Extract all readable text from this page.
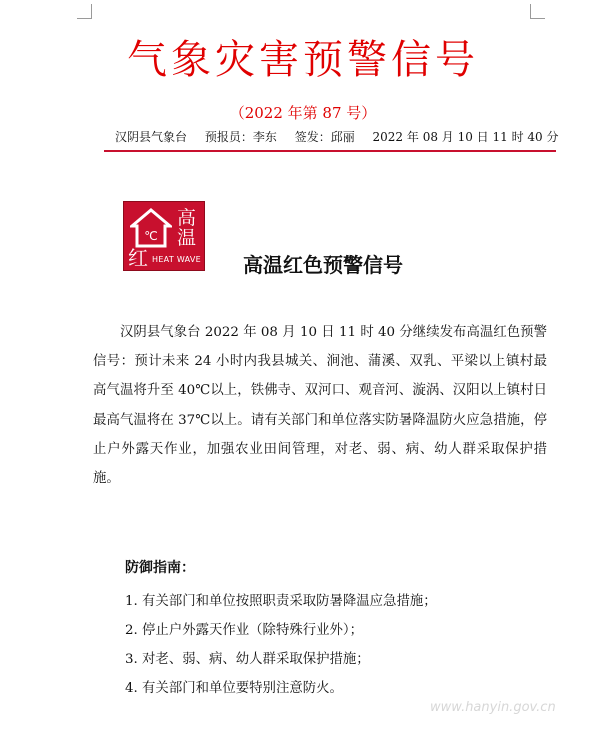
气象灾害预警信号
（2022 年第 87 号）
汉阴县气象台 预报员：李东 签发：邱丽 2022 年 08 月 10 日 11 时 40 分
℃
高
温
红 HEAT WAVE 高温红色预警信号
汉阴县气象台 2022 年 08 月 10 日 11 时 40 分继续发布高温红色预警信号：预计未来 24 小时内我县城关、涧池、蒲溪、双乳、平梁以上镇村最高气温将升至 40℃以上，铁佛寺、双河口、观音河、漩涡、汉阳以上镇村日最高气温将在 37℃以上。请有关部门和单位落实防暑降温防火应急措施，停止户外露天作业，加强农业田间管理，对老、弱、病、幼人群采取保护措施。
防御指南：
1. 有关部门和单位按照职责采取防暑降温应急措施；
2. 停止户外露天作业（除特殊行业外）；
3. 对老、弱、病、幼人群采取保护措施；
4. 有关部门和单位要特别注意防火。
www.hanyin.gov.cn
